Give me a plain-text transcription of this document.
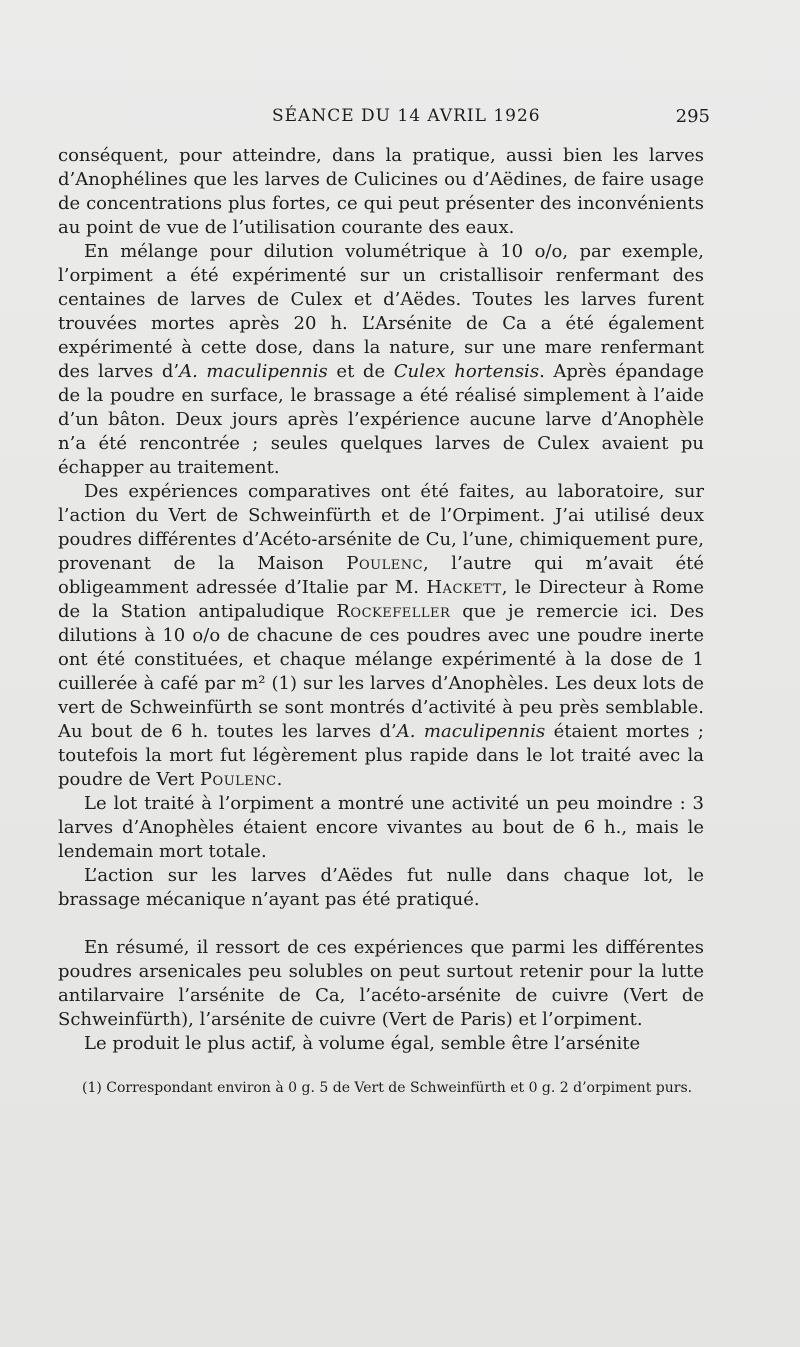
SÉANCE DU 14 AVRIL 1926	295

conséquent, pour atteindre, dans la pratique, aussi bien les larves d’Anophélines que les larves de Culicines ou d’Aëdines, de faire usage de concentrations plus fortes, ce qui peut présenter des inconvénients au point de vue de l’utilisation courante des eaux.

En mélange pour dilution volumétrique à 10 o/o, par exemple, l’orpiment a été expérimenté sur un cristallisoir renfermant des centaines de larves de Culex et d’Aëdes. Toutes les larves furent trouvées mortes après 20 h. L’Arsénite de Ca a été également expérimenté à cette dose, dans la nature, sur une mare renfermant des larves d’A. maculipennis et de Culex hortensis. Après épandage de la poudre en surface, le brassage a été réalisé simplement à l’aide d’un bâton. Deux jours après l’expérience aucune larve d’Anophèle n’a été rencontrée ; seules quelques larves de Culex avaient pu échapper au traitement.

Des expériences comparatives ont été faites, au laboratoire, sur l’action du Vert de Schweinfürth et de l’Orpiment. J’ai utilisé deux poudres différentes d’Acéto-arsénite de Cu, l’une, chimiquement pure, provenant de la Maison Poulenc, l’autre qui m’avait été obligeamment adressée d’Italie par M. Hackett, le Directeur à Rome de la Station antipaludique Rockefeller que je remercie ici. Des dilutions à 10 o/o de chacune de ces poudres avec une poudre inerte ont été constituées, et chaque mélange expérimenté à la dose de 1 cuillerée à café par m² (1) sur les larves d’Anophèles. Les deux lots de vert de Schweinfürth se sont montrés d’activité à peu près semblable. Au bout de 6 h. toutes les larves d’A. maculipennis étaient mortes ; toutefois la mort fut légèrement plus rapide dans le lot traité avec la poudre de Vert Poulenc.

Le lot traité à l’orpiment a montré une activité un peu moindre : 3 larves d’Anophèles étaient encore vivantes au bout de 6 h., mais le lendemain mort totale.

L’action sur les larves d’Aëdes fut nulle dans chaque lot, le brassage mécanique n’ayant pas été pratiqué.

En résumé, il ressort de ces expériences que parmi les différentes poudres arsenicales peu solubles on peut surtout retenir pour la lutte antilarvaire l’arsénite de Ca, l’acéto-arsénite de cuivre (Vert de Schweinfürth), l’arsénite de cuivre (Vert de Paris) et l’orpiment.

Le produit le plus actif, à volume égal, semble être l’arsénite

(1) Correspondant environ à 0 g. 5 de Vert de Schweinfürth et 0 g. 2 d’orpiment purs.
